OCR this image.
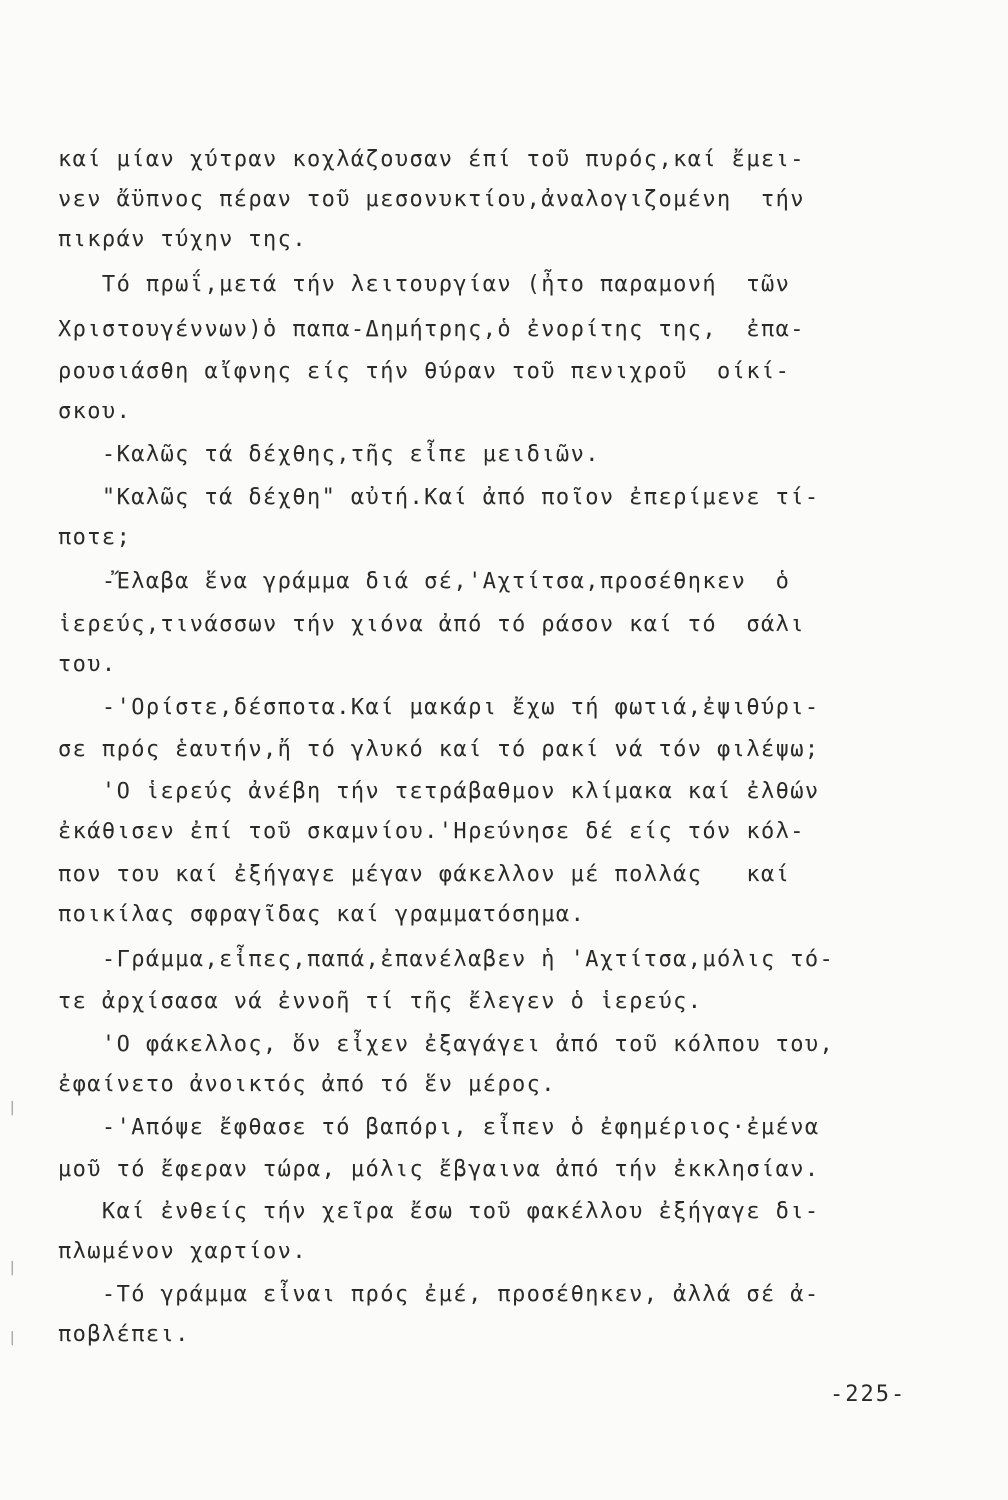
καί μίαν χύτραν κοχλάζουσαν έπί τοῦ πυρός,καί ἔμει-
νεν ἄϋπνος πέραν τοῦ μεσονυκτίου,ἀναλογιζομένη  τήν
πικράν τύχην της.
Τό πρωΐ,μετά τήν λειτουργίαν (ἦτο παραμονή  τῶν
Χριστουγέννων)ὁ παπα-Δημήτρης,ὁ ἐνορίτης της,  ἐπα-
ρουσιάσθη αἴφνης είς τήν θύραν τοῦ πενιχροῦ  οίκί-
σκου.
-Καλῶς τά δέχθης,τῆς εἶπε μειδιῶν.
"Καλῶς τά δέχθη" αὐτή.Καί ἀπό ποῖον ἐπερίμενε τί-
ποτε;
-Ἔλαβα ἕνα γράμμα διά σέ,'Αχτίτσα,προσέθηκεν  ὁ
ἱερεύς,τινάσσων τήν χιόνα ἀπό τό ράσον καί τό  σάλι
του.
-'Ορίστε,δέσποτα.Καί μακάρι ἔχω τή φωτιά,ἐψιθύρι-
σε πρός ἑαυτήν,ἤ τό γλυκό καί τό ρακί νά τόν φιλέψω;
'Ο ἱερεύς ἀνέβη τήν τετράβαθμον κλίμακα καί ἐλθών
ἐκάθισεν ἐπί τοῦ σκαμνίου.'Ηρεύνησε δέ είς τόν κόλ-
πον του καί ἐξήγαγε μέγαν φάκελλον μέ πολλάς   καί
ποικίλας σφραγῖδας καί γραμματόσημα.
-Γράμμα,εἶπες,παπά,ἐπανέλαβεν ἡ 'Αχτίτσα,μόλις τό-
τε ἀρχίσασα νά ἐννοῆ τί τῆς ἔλεγεν ὁ ἱερεύς.
'Ο φάκελλος, ὅν εἶχεν ἐξαγάγει ἀπό τοῦ κόλπου του,
ἐφαίνετο ἀνοικτός ἀπό τό ἕν μέρος.
-'Απόψε ἔφθασε τό βαπόρι, εἶπεν ὁ ἐφημέριος·ἐμένα
μοῦ τό ἔφεραν τώρα, μόλις ἔβγαινα ἀπό τήν ἐκκλησίαν.
Καί ἐνθείς τήν χεῖρα ἔσω τοῦ φακέλλου ἐξήγαγε δι-
πλωμένον χαρτίον.
-Τό γράμμα εἶναι πρός ἐμέ, προσέθηκεν, ἀλλά σέ ἀ-
πoβλέπει.
-225-
|
|
|
